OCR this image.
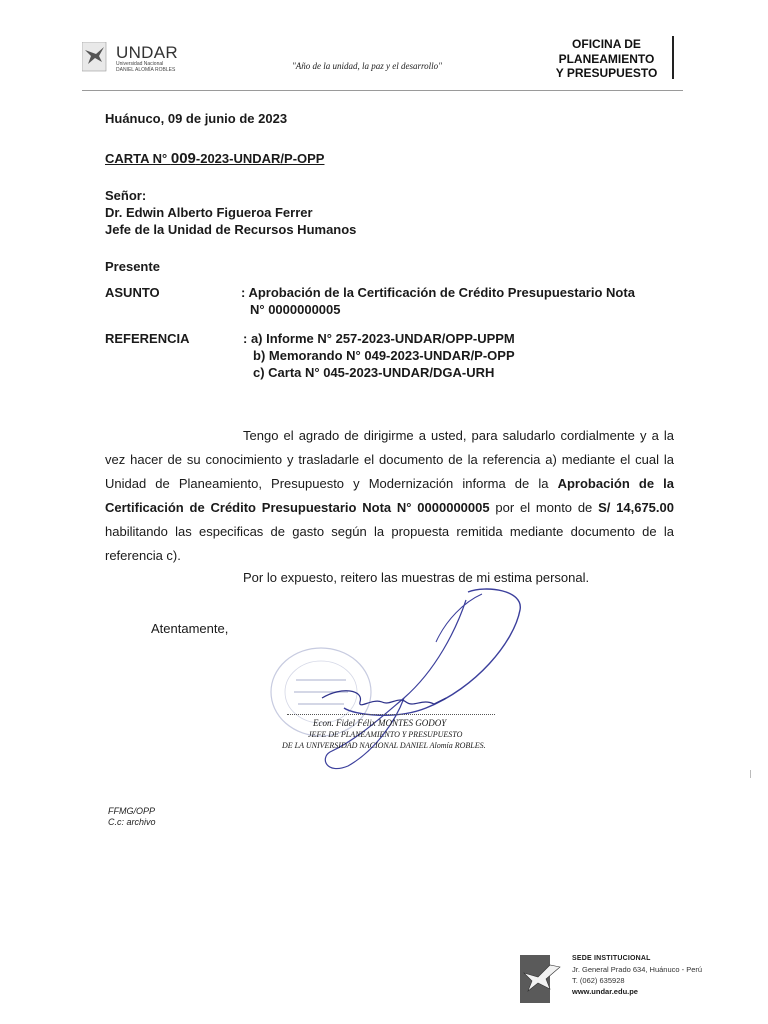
UNDAR
Universidad Nacional
DANIEL ALOMÍA ROBLES	"Año de la unidad, la paz y el desarrollo"
OFICINA DE
PLANEAMIENTO
Y PRESUPUESTO
Huánuco, 09 de junio de 2023
CARTA N° 009-2023-UNDAR/P-OPP
Señor:
Dr. Edwin Alberto Figueroa Ferrer
Jefe de la Unidad de Recursos Humanos
Presente
ASUNTO	: Aprobación de la Certificación de Crédito Presupuestario Nota
N° 0000000005
REFERENCIA	: a) Informe N° 257-2023-UNDAR/OPP-UPPM
b) Memorando N° 049-2023-UNDAR/P-OPP
c) Carta N° 045-2023-UNDAR/DGA-URH
Tengo el agrado de dirigirme a usted, para saludarlo cordialmente y a la vez hacer de su conocimiento y trasladarle el documento de la referencia a) mediante el cual la Unidad de Planeamiento, Presupuesto y Modernización informa de la Aprobación de la Certificación de Crédito Presupuestario Nota N° 0000000005 por el monto de S/ 14,675.00 habilitando las especificas de gasto según la propuesta remitida mediante documento de la referencia c).
Por lo expuesto, reitero las muestras de mi estima personal.
Atentamente,
Econ. Fidel Félix MONTES GODOY
JEFE DE PLANEAMIENTO Y PRESUPUESTO
DE LA UNIVERSIDAD NACIONAL DANIEL Alomía ROBLES.
FFMG/OPP
C.c: archivo
SEDE INSTITUCIONAL
Jr. General Prado 634, Huánuco - Perú
T. (062) 635928
www.undar.edu.pe
